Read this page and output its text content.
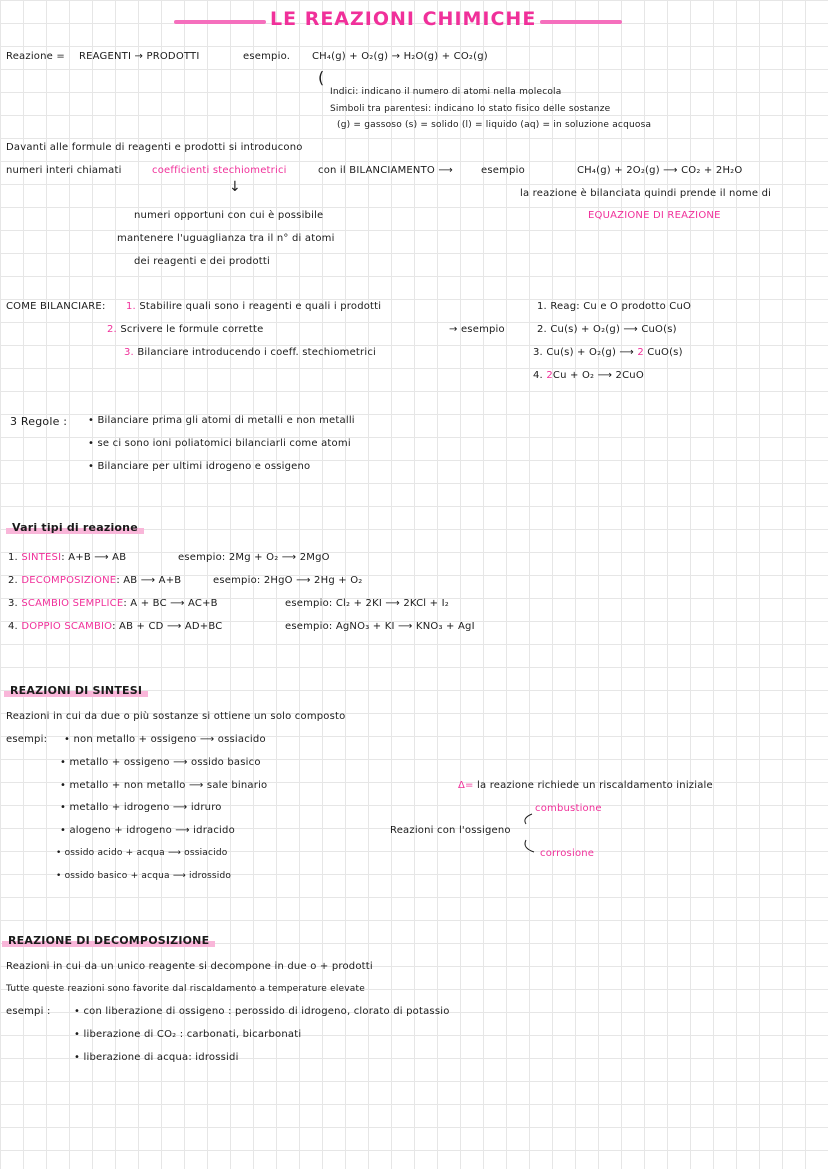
LE REAZIONI CHIMICHE
Reazione = REAGENTI → PRODOTTI	esempio. CH₄(g) + O₂(g) → H₂O(g) + CO₂(g)
(
Indici: indicano il numero di atomi nella molecola
Simboli tra parentesi: indicano lo stato fisico delle sostanze
(g) = gassoso (s) = solido (l) = liquido (aq) = in soluzione acquosa
Davanti alle formule di reagenti e prodotti si introducono
numeri interi chiamati	coefficienti stechiometrici	con il BILANCIAMENTO ⟶	esempio	CH₄(g) + 2O₂(g) ⟶ CO₂ + 2H₂O
↓	la reazione è bilanciata quindi prende il nome di
EQUAZIONE DI REAZIONE
numeri opportuni con cui è possibile
mantenere l'uguaglianza tra il n° di atomi
dei reagenti e dei prodotti
COME BILANCIARE: 1. Stabilire quali sono i reagenti e quali i prodotti
2. Scrivere le formule corrette
3. Bilanciare introducendo i coeff. stechiometrici
→ esempio
1. Reag: Cu e O prodotto CuO
2. Cu(s) + O₂(g) ⟶ CuO(s)
3. Cu(s) + O₂(g) ⟶ 2 CuO(s)
4. 2Cu + O₂ ⟶ 2CuO
3 Regole :	• Bilanciare prima gli atomi di metalli e non metalli
• se ci sono ioni poliatomici bilanciarli come atomi
• Bilanciare per ultimi idrogeno e ossigeno
Vari tipi di reazione
1. SINTESI: A+B ⟶ AB	esempio: 2Mg + O₂ ⟶ 2MgO
2. DECOMPOSIZIONE: AB ⟶ A+B	esempio: 2HgO ⟶ 2Hg + O₂
3. SCAMBIO SEMPLICE: A + BC ⟶ AC+B	esempio: Cl₂ + 2KI ⟶ 2KCl + I₂
4. DOPPIO SCAMBIO: AB + CD ⟶ AD+BC	esempio: AgNO₃ + KI ⟶ KNO₃ + AgI
REAZIONI DI SINTESI
Reazioni in cui da due o più sostanze si ottiene un solo composto
esempi:	• non metallo + ossigeno ⟶ ossiacido
• metallo + ossigeno ⟶ ossido basico
• metallo + non metallo ⟶ sale binario
• metallo + idrogeno ⟶ idruro
• alogeno + idrogeno ⟶ idracido
• ossido acido + acqua ⟶ ossiacido
• ossido basico + acqua ⟶ idrossido
Δ= la reazione richiede un riscaldamento iniziale
Reazioni con l'ossigeno
combustione
corrosione
REAZIONE DI DECOMPOSIZIONE
Reazioni in cui da un unico reagente si decompone in due o + prodotti
Tutte queste reazioni sono favorite dal riscaldamento a temperature elevate
esempi :	• con liberazione di ossigeno : perossido di idrogeno, clorato di potassio
• liberazione di CO₂ : carbonati, bicarbonati
• liberazione di acqua: idrossidi
